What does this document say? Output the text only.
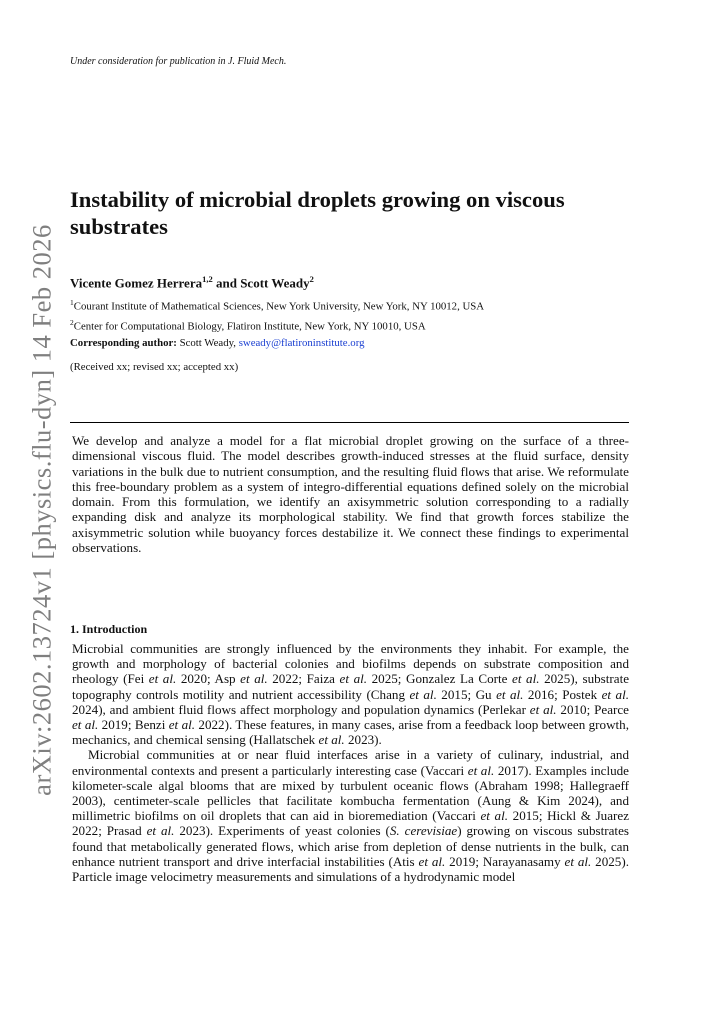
arXiv:2602.13724v1 [physics.flu-dyn] 14 Feb 2026
Under consideration for publication in J. Fluid Mech.
Instability of microbial droplets growing on viscous substrates
Vicente Gomez Herrera$^{1,2}$ and Scott Weady$^2$
$^1$Courant Institute of Mathematical Sciences, New York University, New York, NY 10012, USA
$^2$Center for Computational Biology, Flatiron Institute, New York, NY 10010, USA
Corresponding author: Scott Weady, sweady@flatironinstitute.org
(Received xx; revised xx; accepted xx)

We develop and analyze a model for a flat microbial droplet growing on the surface of a three-dimensional viscous fluid. The model describes growth-induced stresses at the fluid surface, density variations in the bulk due to nutrient consumption, and the resulting fluid flows that arise. We reformulate this free-boundary problem as a system of integro-differential equations defined solely on the microbial domain. From this formulation, we identify an axisymmetric solution corresponding to a radially expanding disk and analyze its morphological stability. We find that growth forces stabilize the axisymmetric solution while buoyancy forces destabilize it. We connect these findings to experimental observations.

1. Introduction

Microbial communities are strongly influenced by the environments they inhabit. For example, the growth and morphology of bacterial colonies and biofilms depends on substrate composition and rheology (Fei et al. 2020; Asp et al. 2022; Faiza et al. 2025; Gonzalez La Corte et al. 2025), substrate topography controls motility and nutrient accessibility (Chang et al. 2015; Gu et al. 2016; Postek et al. 2024), and ambient fluid flows affect morphology and population dynamics (Perlekar et al. 2010; Pearce et al. 2019; Benzi et al. 2022). These features, in many cases, arise from a feedback loop between growth, mechanics, and chemical sensing (Hallatschek et al. 2023).

Microbial communities at or near fluid interfaces arise in a variety of culinary, industrial, and environmental contexts and present a particularly interesting case (Vaccari et al. 2017). Examples include kilometer-scale algal blooms that are mixed by turbulent oceanic flows (Abraham 1998; Hallegraeff 2003), centimeter-scale pellicles that facilitate kombucha fermentation (Aung & Kim 2024), and millimetric biofilms on oil droplets that can aid in bioremediation (Vaccari et al. 2015; Hickl & Juarez 2022; Prasad et al. 2023). Experiments of yeast colonies (S. cerevisiae) growing on viscous substrates found that metabolically generated flows, which arise from depletion of dense nutrients in the bulk, can enhance nutrient transport and drive interfacial instabilities (Atis et al. 2019; Narayanasamy et al. 2025). Particle image velocimetry measurements and simulations of a hydrodynamic model
